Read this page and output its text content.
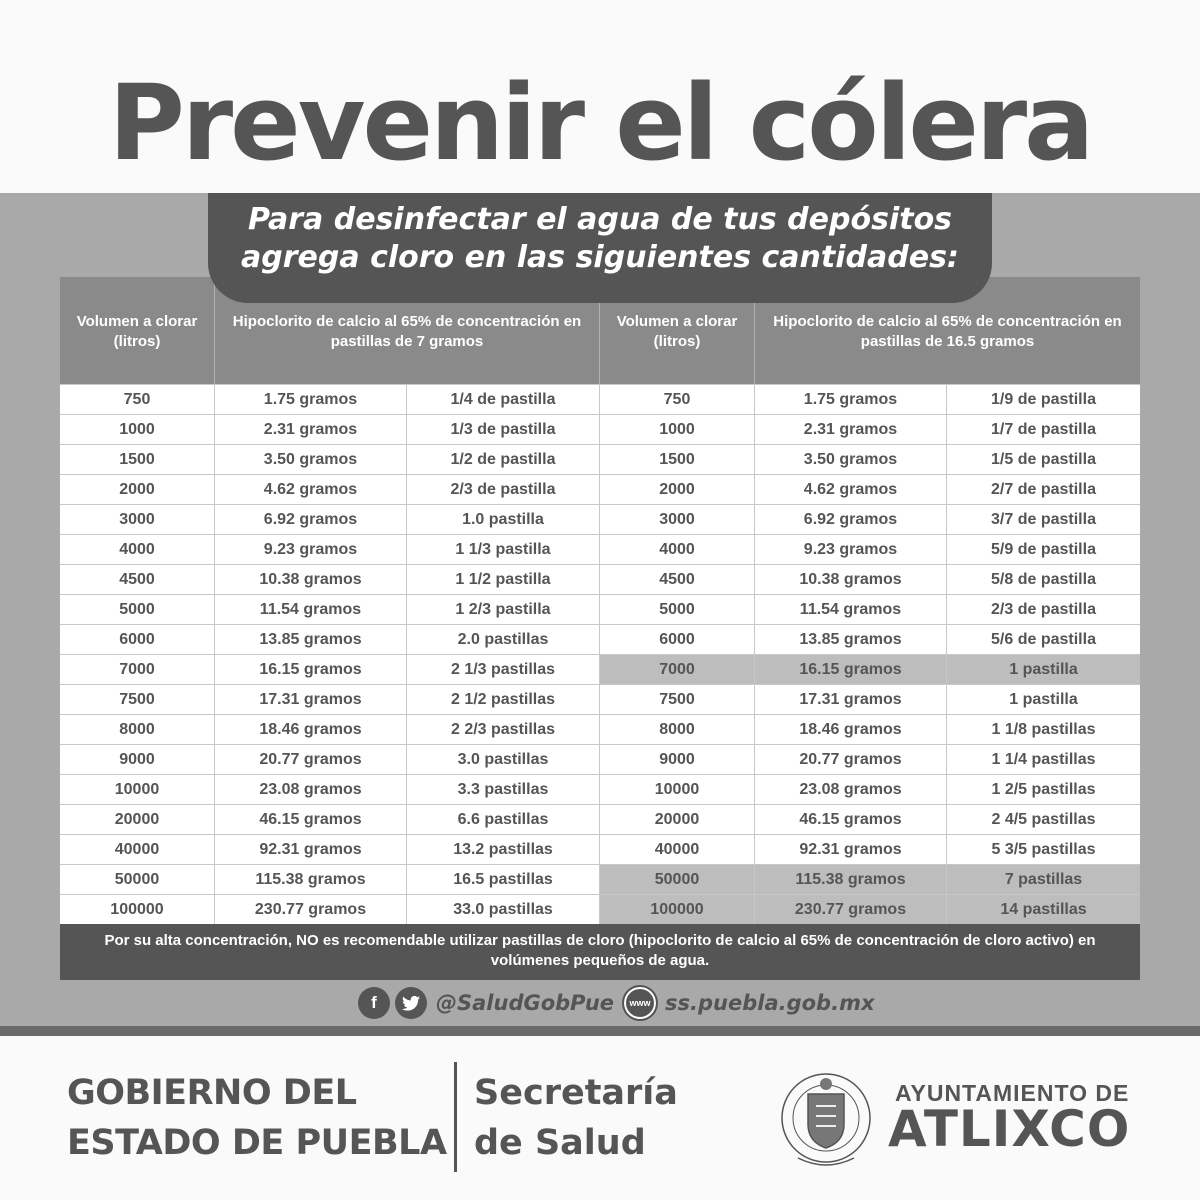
Prevenir el cólera
Para desinfectar el agua de tus depósitos
agrega cloro en las siguientes cantidades:
Volumen a clorar (litros)
Hipoclorito de calcio al 65% de concentración en pastillas de 7 gramos
Volumen a clorar (litros)
Hipoclorito de calcio al 65% de concentración en pastillas de 16.5 gramos
750	1.75 gramos	1/4 de pastilla	750	1.75 gramos	1/9 de pastilla
1000	2.31 gramos	1/3 de pastilla	1000	2.31 gramos	1/7 de pastilla
1500	3.50 gramos	1/2 de pastilla	1500	3.50 gramos	1/5 de pastilla
2000	4.62 gramos	2/3 de pastilla	2000	4.62 gramos	2/7 de pastilla
3000	6.92 gramos	1.0 pastilla	3000	6.92 gramos	3/7 de pastilla
4000	9.23 gramos	1 1/3 pastilla	4000	9.23 gramos	5/9 de pastilla
4500	10.38 gramos	1 1/2 pastilla	4500	10.38 gramos	5/8 de pastilla
5000	11.54 gramos	1 2/3 pastilla	5000	11.54 gramos	2/3 de pastilla
6000	13.85 gramos	2.0 pastillas	6000	13.85 gramos	5/6 de pastilla
7000	16.15 gramos	2 1/3 pastillas	7000	16.15 gramos	1 pastilla
7500	17.31 gramos	2 1/2 pastillas	7500	17.31 gramos	1 pastilla
8000	18.46 gramos	2 2/3 pastillas	8000	18.46 gramos	1 1/8 pastillas
9000	20.77 gramos	3.0 pastillas	9000	20.77 gramos	1 1/4 pastillas
10000	23.08 gramos	3.3 pastillas	10000	23.08 gramos	1 2/5 pastillas
20000	46.15 gramos	6.6 pastillas	20000	46.15 gramos	2 4/5 pastillas
40000	92.31 gramos	13.2 pastillas	40000	92.31 gramos	5 3/5 pastillas
50000	115.38 gramos	16.5 pastillas	50000	115.38 gramos	7 pastillas
100000	230.77 gramos	33.0 pastillas	100000	230.77 gramos	14 pastillas
Por su alta concentración, NO es recomendable utilizar pastillas de cloro (hipoclorito de calcio al 65% de concentración de cloro activo) en volúmenes pequeños de agua.
f	@SaludGobPue	www ss.puebla.gob.mx
GOBIERNO DEL
ESTADO DE PUEBLA
Secretaría
de Salud
AYUNTAMIENTO DE
ATLIXCO
